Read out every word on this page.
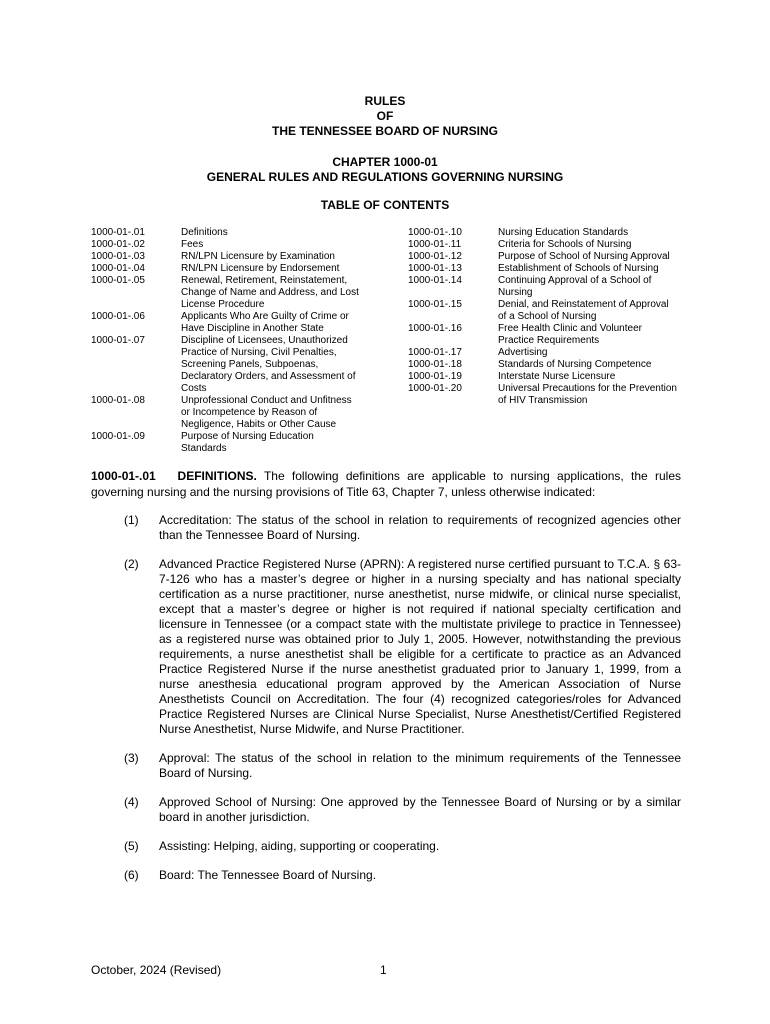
RULES
OF
THE TENNESSEE BOARD OF NURSING
CHAPTER 1000-01
GENERAL RULES AND REGULATIONS GOVERNING NURSING
TABLE OF CONTENTS
1000-01-.01	Definitions
1000-01-.02	Fees
1000-01-.03	RN/LPN Licensure by Examination
1000-01-.04	RN/LPN Licensure by Endorsement
1000-01-.05	Renewal, Retirement, Reinstatement,
Change of Name and Address, and Lost
License Procedure
1000-01-.06	Applicants Who Are Guilty of Crime or
Have Discipline in Another State
1000-01-.07	Discipline of Licensees, Unauthorized
Practice of Nursing, Civil Penalties,
Screening Panels, Subpoenas,
Declaratory Orders, and Assessment of
Costs
1000-01-.08	Unprofessional Conduct and Unfitness
or Incompetence by Reason of
Negligence, Habits or Other Cause
1000-01-.09	Purpose of Nursing Education
Standards
1000-01-.10	Nursing Education Standards
1000-01-.11	Criteria for Schools of Nursing
1000-01-.12	Purpose of School of Nursing Approval
1000-01-.13	Establishment of Schools of Nursing
1000-01-.14	Continuing Approval of a School of
Nursing
1000-01-.15	Denial, and Reinstatement of Approval
of a School of Nursing
1000-01-.16	Free Health Clinic and Volunteer
Practice Requirements
1000-01-.17	Advertising
1000-01-.18	Standards of Nursing Competence
1000-01-.19	Interstate Nurse Licensure
1000-01-.20	Universal Precautions for the Prevention
of HIV Transmission
1000-01-.01   DEFINITIONS. The following definitions are applicable to nursing applications, the rules governing nursing and the nursing provisions of Title 63, Chapter 7, unless otherwise indicated:
(1) Accreditation: The status of the school in relation to requirements of recognized agencies other than the Tennessee Board of Nursing.
(2) Advanced Practice Registered Nurse (APRN): A registered nurse certified pursuant to T.C.A. § 63-7-126 who has a master’s degree or higher in a nursing specialty and has national specialty certification as a nurse practitioner, nurse anesthetist, nurse midwife, or clinical nurse specialist, except that a master’s degree or higher is not required if national specialty certification and licensure in Tennessee (or a compact state with the multistate privilege to practice in Tennessee) as a registered nurse was obtained prior to July 1, 2005. However, notwithstanding the previous requirements, a nurse anesthetist shall be eligible for a certificate to practice as an Advanced Practice Registered Nurse if the nurse anesthetist graduated prior to January 1, 1999, from a nurse anesthesia educational program approved by the American Association of Nurse Anesthetists Council on Accreditation. The four (4) recognized categories/roles for Advanced Practice Registered Nurses are Clinical Nurse Specialist, Nurse Anesthetist/Certified Registered Nurse Anesthetist, Nurse Midwife, and Nurse Practitioner.
(3) Approval: The status of the school in relation to the minimum requirements of the Tennessee Board of Nursing.
(4) Approved School of Nursing: One approved by the Tennessee Board of Nursing or by a similar board in another jurisdiction.
(5) Assisting: Helping, aiding, supporting or cooperating.
(6) Board: The Tennessee Board of Nursing.
October, 2024 (Revised)	1
